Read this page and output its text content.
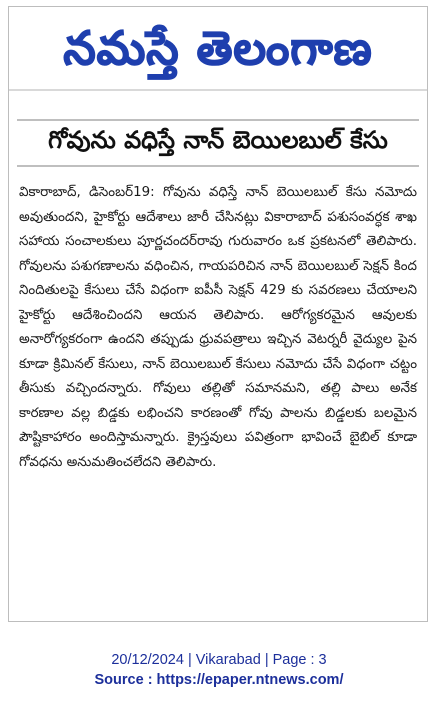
నమస్తే తెలంగాణ
గోవును వధిస్తే నాన్ బెయిలబుల్ కేసు
వికారాబాద్, డిసెంబర్19: గోవును వధిస్తే నాన్ బెయిలబుల్ కేసు నమోదు అవుతుందని, హైకోర్టు ఆదేశాలు జారీ చేసినట్లు వికారాబాద్ పశుసంవర్ధక శాఖ సహాయ సంచాలకులు పూర్ణచందర్‌రావు గురువారం ఒక ప్రకటనలో తెలిపారు. గోవులను పశుగణాలను వధించిన, గాయపరిచిన నాన్ బెయిలబుల్ సెక్షన్ కింద నిందితులపై కేసులు చేసే విధంగా ఐపీసీ సెక్షన్ 429 కు సవరణలు చేయాలని హైకోర్టు ఆదేశించిందని ఆయన తెలిపారు. ఆరోగ్యకరమైన ఆవులకు అనారోగ్యకరంగా ఉందని తప్పుడు ధ్రువపత్రాలు ఇచ్చిన వెటర్నరీ వైద్యుల పైన కూడా క్రిమినల్ కేసులు, నాన్ బెయిలబుల్ కేసులు నమోదు చేసే విధంగా చట్టం తీసుకు వచ్చిందన్నారు. గోవులు తల్లితో సమానమని, తల్లి పాలు అనేక కారణాల వల్ల బిడ్డకు లభించని కారణంతో గోవు పాలను బిడ్డలకు బలమైన పౌష్టికాహారం అందిస్తామన్నారు. క్రైస్తవులు పవిత్రంగా భావించే బైబిల్ కూడా గోవధను అనుమతించలేదని తెలిపారు.
20/12/2024 | Vikarabad | Page : 3
Source : https://epaper.ntnews.com/
